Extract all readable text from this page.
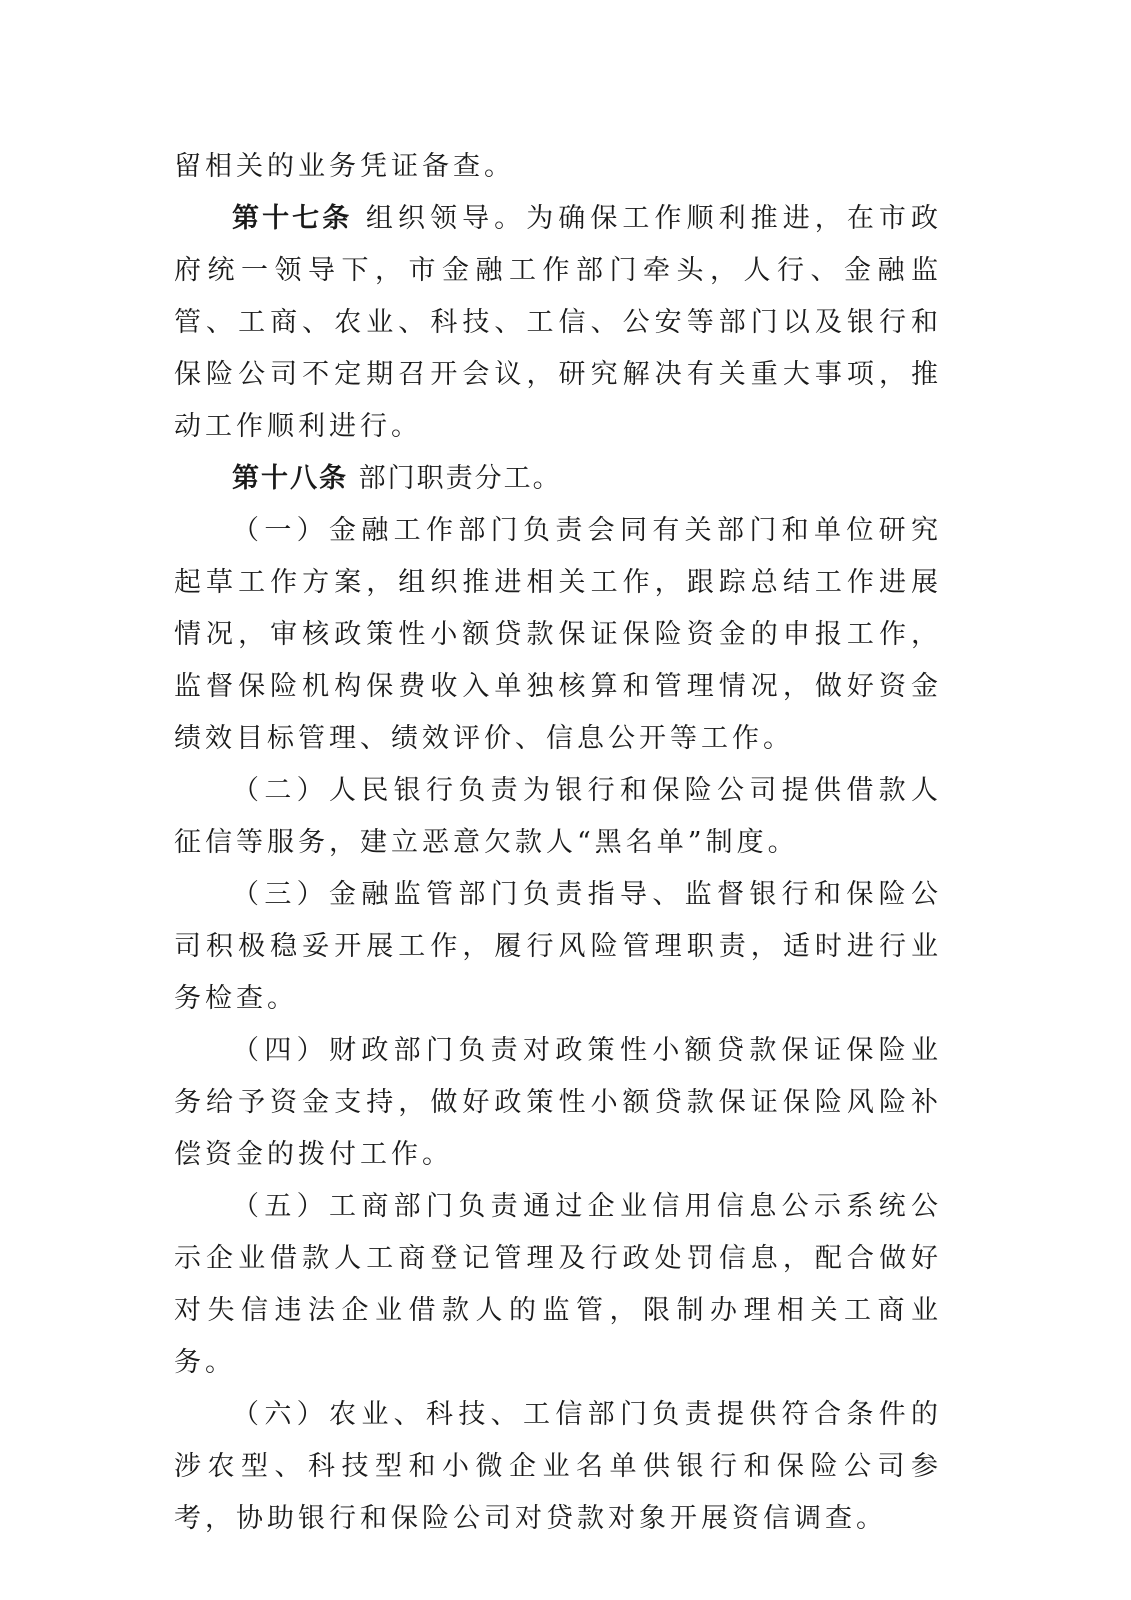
留相关的业务凭证备查。

第十七条 组织领导。为确保工作顺利推进，在市政府统一领导下，市金融工作部门牵头，人行、金融监管、工商、农业、科技、工信、公安等部门以及银行和保险公司不定期召开会议，研究解决有关重大事项，推动工作顺利进行。

第十八条 部门职责分工。

（一）金融工作部门负责会同有关部门和单位研究起草工作方案，组织推进相关工作，跟踪总结工作进展情况，审核政策性小额贷款保证保险资金的申报工作，监督保险机构保费收入单独核算和管理情况，做好资金绩效目标管理、绩效评价、信息公开等工作。

（二）人民银行负责为银行和保险公司提供借款人征信等服务，建立恶意欠款人“黑名单”制度。

（三）金融监管部门负责指导、监督银行和保险公司积极稳妥开展工作，履行风险管理职责，适时进行业务检查。

（四）财政部门负责对政策性小额贷款保证保险业务给予资金支持，做好政策性小额贷款保证保险风险补偿资金的拨付工作。

（五）工商部门负责通过企业信用信息公示系统公示企业借款人工商登记管理及行政处罚信息，配合做好对失信违法企业借款人的监管，限制办理相关工商业务。

（六）农业、科技、工信部门负责提供符合条件的涉农型、科技型和小微企业名单供银行和保险公司参考，协助银行和保险公司对贷款对象开展资信调查。
